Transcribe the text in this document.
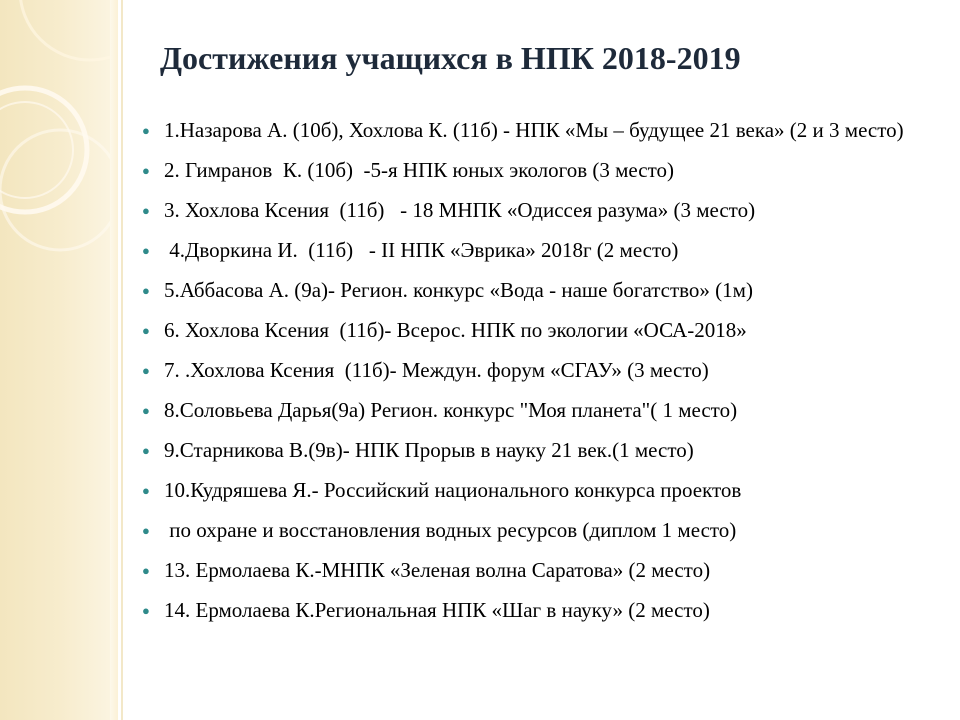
Достижения учащихся в НПК 2018-2019
● 1.Назарова А. (10б), Хохлова К. (11б) - НПК «Мы – будущее 21 века» (2 и 3 место)
● 2. Гимранов  К. (10б)  -5-я НПК юных экологов (3 место)
● 3. Хохлова Ксения  (11б)   - 18 МНПК «Одиссея разума» (3 место)
● 4.Дворкина И.  (11б)   - II НПК «Эврика» 2018г (2 место)
● 5.Аббасова А. (9а)- Регион. конкурс «Вода - наше богатство» (1м)
● 6. Хохлова Ксения  (11б)- Всерос. НПК по экологии «ОСА-2018»
● 7. .Хохлова Ксения  (11б)- Междун. форум «СГАУ» (3 место)
● 8.Соловьева Дарья(9а) Регион. конкурс "Моя планета"( 1 место)
● 9.Старникова В.(9в)- НПК Прорыв в науку 21 век.(1 место)
● 10.Кудряшева Я.- Российский национального конкурса проектов
● по охране и восстановления водных ресурсов (диплом 1 место)
● 13. Ермолаева К.-МНПК «Зеленая волна Саратова» (2 место)
● 14. Ермолаева К.Региональная НПК «Шаг в науку» (2 место)
